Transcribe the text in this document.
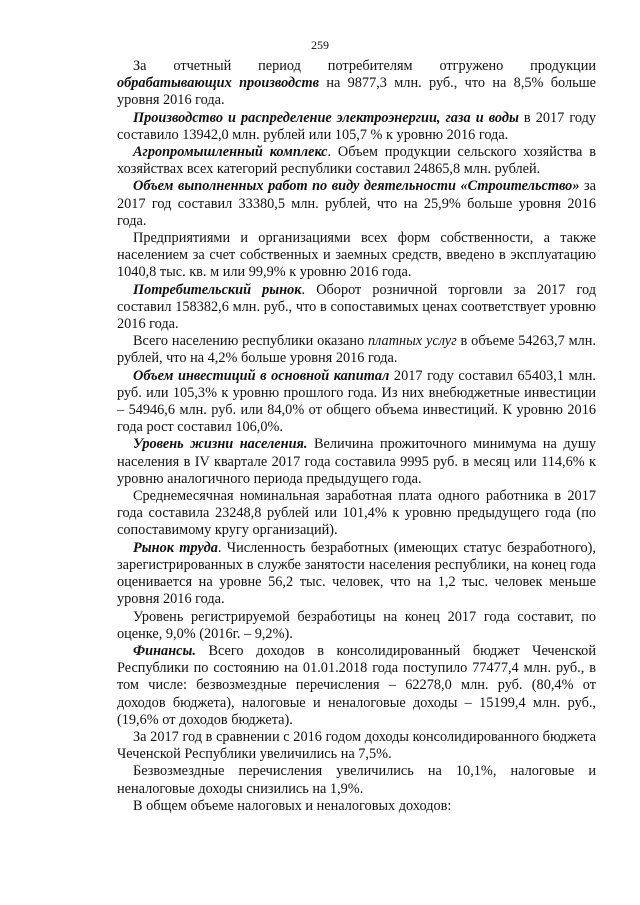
259

За отчетный период потребителям отгружено продукции обрабатывающих производств на 9877,3 млн. руб., что на 8,5% больше уровня 2016 года.

Производство и распределение электроэнергии, газа и воды в 2017 году составило 13942,0 млн. рублей или 105,7 % к уровню 2016 года.

Агропромышленный комплекс. Объем продукции сельского хозяйства в хозяйствах всех категорий республики составил 24865,8 млн. рублей.

Объем выполненных работ по виду деятельности «Строительство» за 2017 год составил 33380,5 млн. рублей, что на 25,9% больше уровня 2016 года.

Предприятиями и организациями всех форм собственности, а также населением за счет собственных и заемных средств, введено в эксплуатацию 1040,8 тыс. кв. м или 99,9% к уровню 2016 года.

Потребительский рынок. Оборот розничной торговли за 2017 год составил 158382,6 млн. руб., что в сопоставимых ценах соответствует уровню 2016 года.

Всего населению республики оказано платных услуг в объеме 54263,7 млн. рублей, что на 4,2% больше уровня 2016 года.

Объем инвестиций в основной капитал 2017 году составил 65403,1 млн. руб. или 105,3% к уровню прошлого года. Из них внебюджетные инвестиции – 54946,6 млн. руб. или 84,0% от общего объема инвестиций. К уровню 2016 года рост составил 106,0%.

Уровень жизни населения. Величина прожиточного минимума на душу населения в IV квартале 2017 года составила 9995 руб. в месяц или 114,6% к уровню аналогичного периода предыдущего года.

Среднемесячная номинальная заработная плата одного работника в 2017 года составила 23248,8 рублей или 101,4% к уровню предыдущего года (по сопоставимому кругу организаций).

Рынок труда. Численность безработных (имеющих статус безработного), зарегистрированных в службе занятости населения республики, на конец года оценивается на уровне 56,2 тыс. человек, что на 1,2 тыс. человек меньше уровня 2016 года.

Уровень регистрируемой безработицы на конец 2017 года составит, по оценке, 9,0% (2016г. – 9,2%).

Финансы. Всего доходов в консолидированный бюджет Чеченской Республики по состоянию на 01.01.2018 года поступило 77477,4 млн. руб., в том числе: безвозмездные перечисления – 62278,0 млн. руб. (80,4% от доходов бюджета), налоговые и неналоговые доходы – 15199,4 млн. руб., (19,6% от доходов бюджета).

За 2017 год в сравнении с 2016 годом доходы консолидированного бюджета Чеченской Республики увеличились на 7,5%.

Безвозмездные перечисления увеличились на 10,1%, налоговые и неналоговые доходы снизились на 1,9%.

В общем объеме налоговых и неналоговых доходов:
